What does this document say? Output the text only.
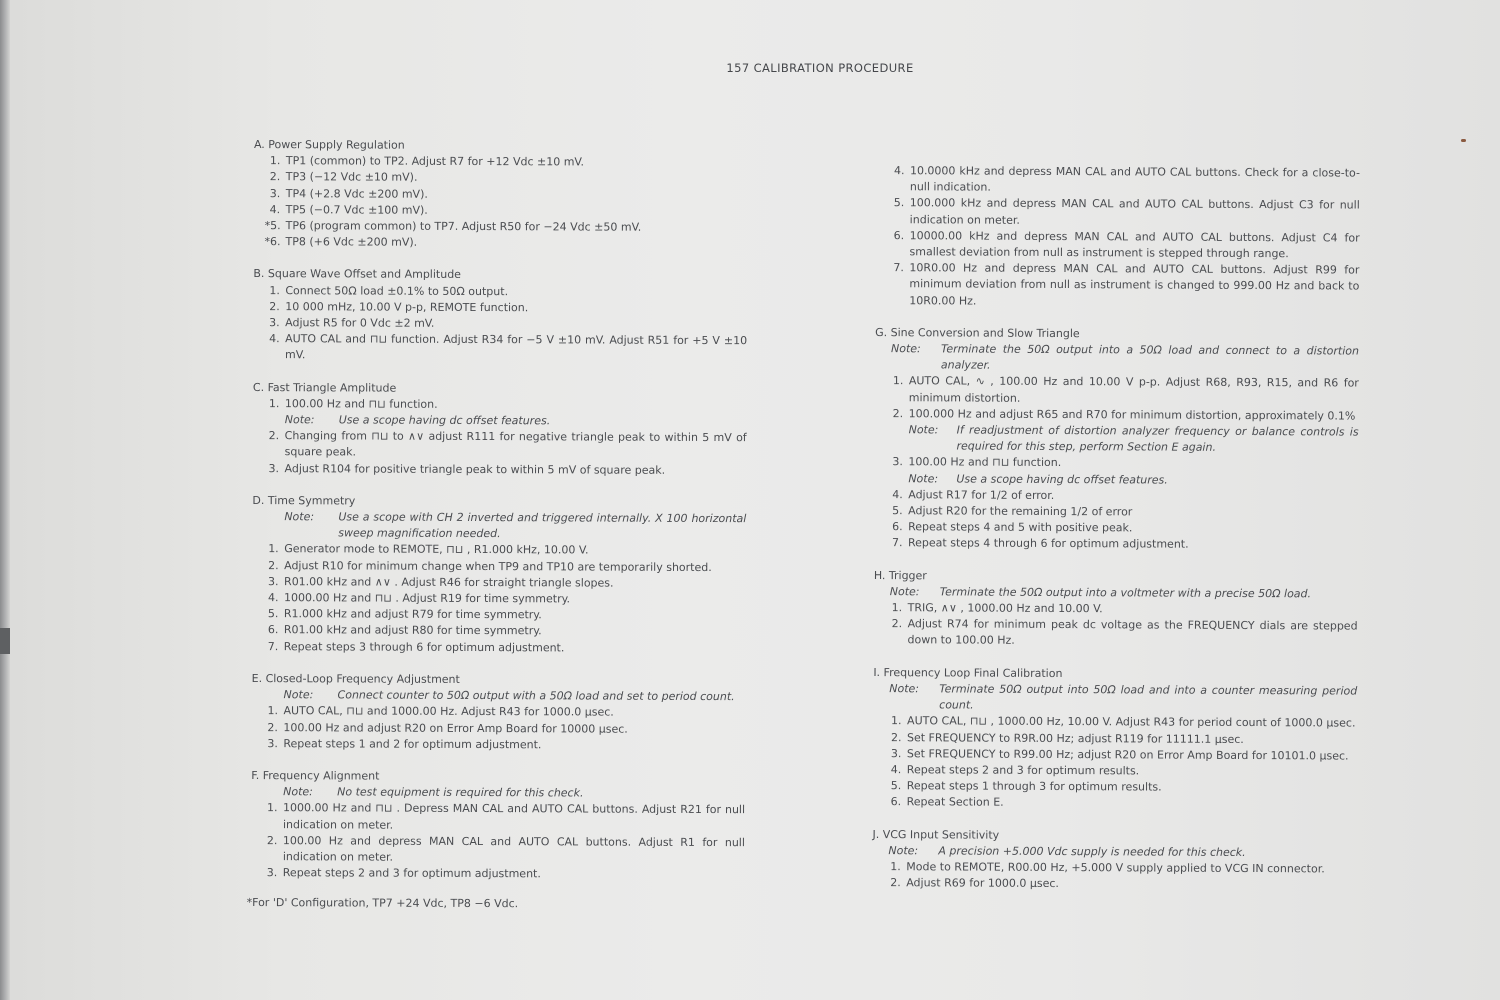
157 CALIBRATION PROCEDURE
A. Power Supply Regulation
1. TP1 (common) to TP2. Adjust R7 for +12 Vdc ±10 mV.
2. TP3 (−12 Vdc ±10 mV).
3. TP4 (+2.8 Vdc ±200 mV).
4. TP5 (−0.7 Vdc ±100 mV).
*5. TP6 (program common) to TP7. Adjust R50 for −24 Vdc ±50 mV.
*6. TP8 (+6 Vdc ±200 mV).
B. Square Wave Offset and Amplitude
1. Connect 50Ω load ±0.1% to 50Ω output.
2. 10 000 mHz, 10.00 V p-p, REMOTE function.
3. Adjust R5 for 0 Vdc ±2 mV.
4. AUTO CAL and ⊓⊔ function. Adjust R34 for −5 V ±10 mV. Adjust R51 for +5 V ±10 mV.
C. Fast Triangle Amplitude
1. 100.00 Hz and ⊓⊔ function.
Note: Use a scope having dc offset features.
2. Changing from ⊓⊔ to ∧∨ adjust R111 for negative triangle peak to within 5 mV of square peak.
3. Adjust R104 for positive triangle peak to within 5 mV of square peak.
D. Time Symmetry
Note: Use a scope with CH 2 inverted and triggered internally. X 100 horizontal sweep magnification needed.
1. Generator mode to REMOTE, ⊓⊔ , R1.000 kHz, 10.00 V.
2. Adjust R10 for minimum change when TP9 and TP10 are temporarily shorted.
3. R01.00 kHz and ∧∨ . Adjust R46 for straight triangle slopes.
4. 1000.00 Hz and ⊓⊔ . Adjust R19 for time symmetry.
5. R1.000 kHz and adjust R79 for time symmetry.
6. R01.00 kHz and adjust R80 for time symmetry.
7. Repeat steps 3 through 6 for optimum adjustment.
E. Closed-Loop Frequency Adjustment
Note: Connect counter to 50Ω output with a 50Ω load and set to period count.
1. AUTO CAL, ⊓⊔ and 1000.00 Hz. Adjust R43 for 1000.0 µsec.
2. 100.00 Hz and adjust R20 on Error Amp Board for 10000 µsec.
3. Repeat steps 1 and 2 for optimum adjustment.
F. Frequency Alignment
Note: No test equipment is required for this check.
1. 1000.00 Hz and ⊓⊔ . Depress MAN CAL and AUTO CAL buttons. Adjust R21 for null indication on meter.
2. 100.00 Hz and depress MAN CAL and AUTO CAL buttons. Adjust R1 for null indication on meter.
3. Repeat steps 2 and 3 for optimum adjustment.
*For 'D' Configuration, TP7 +24 Vdc, TP8 −6 Vdc.
4. 10.0000 kHz and depress MAN CAL and AUTO CAL buttons. Check for a close-to-null indication.
5. 100.000 kHz and depress MAN CAL and AUTO CAL buttons. Adjust C3 for null indication on meter.
6. 10000.00 kHz and depress MAN CAL and AUTO CAL buttons. Adjust C4 for smallest deviation from null as instrument is stepped through range.
7. 10R0.00 Hz and depress MAN CAL and AUTO CAL buttons. Adjust R99 for minimum deviation from null as instrument is changed to 999.00 Hz and back to 10R0.00 Hz.
G. Sine Conversion and Slow Triangle
Note: Terminate the 50Ω output into a 50Ω load and connect to a distortion analyzer.
1. AUTO CAL, ∿ , 100.00 Hz and 10.00 V p-p. Adjust R68, R93, R15, and R6 for minimum distortion.
2. 100.000 Hz and adjust R65 and R70 for minimum distortion, approximately 0.1%
Note: If readjustment of distortion analyzer frequency or balance controls is required for this step, perform Section E again.
3. 100.00 Hz and ⊓⊔ function.
Note: Use a scope having dc offset features.
4. Adjust R17 for 1/2 of error.
5. Adjust R20 for the remaining 1/2 of error
6. Repeat steps 4 and 5 with positive peak.
7. Repeat steps 4 through 6 for optimum adjustment.
H. Trigger
Note: Terminate the 50Ω output into a voltmeter with a precise 50Ω load.
1. TRIG, ∧∨ , 1000.00 Hz and 10.00 V.
2. Adjust R74 for minimum peak dc voltage as the FREQUENCY dials are stepped down to 100.00 Hz.
I. Frequency Loop Final Calibration
Note: Terminate 50Ω output into 50Ω load and into a counter measuring period count.
1. AUTO CAL, ⊓⊔ , 1000.00 Hz, 10.00 V. Adjust R43 for period count of 1000.0 µsec.
2. Set FREQUENCY to R9R.00 Hz; adjust R119 for 11111.1 µsec.
3. Set FREQUENCY to R99.00 Hz; adjust R20 on Error Amp Board for 10101.0 µsec.
4. Repeat steps 2 and 3 for optimum results.
5. Repeat steps 1 through 3 for optimum results.
6. Repeat Section E.
J. VCG Input Sensitivity
Note: A precision +5.000 Vdc supply is needed for this check.
1. Mode to REMOTE, R00.00 Hz, +5.000 V supply applied to VCG IN connector.
2. Adjust R69 for 1000.0 µsec.
